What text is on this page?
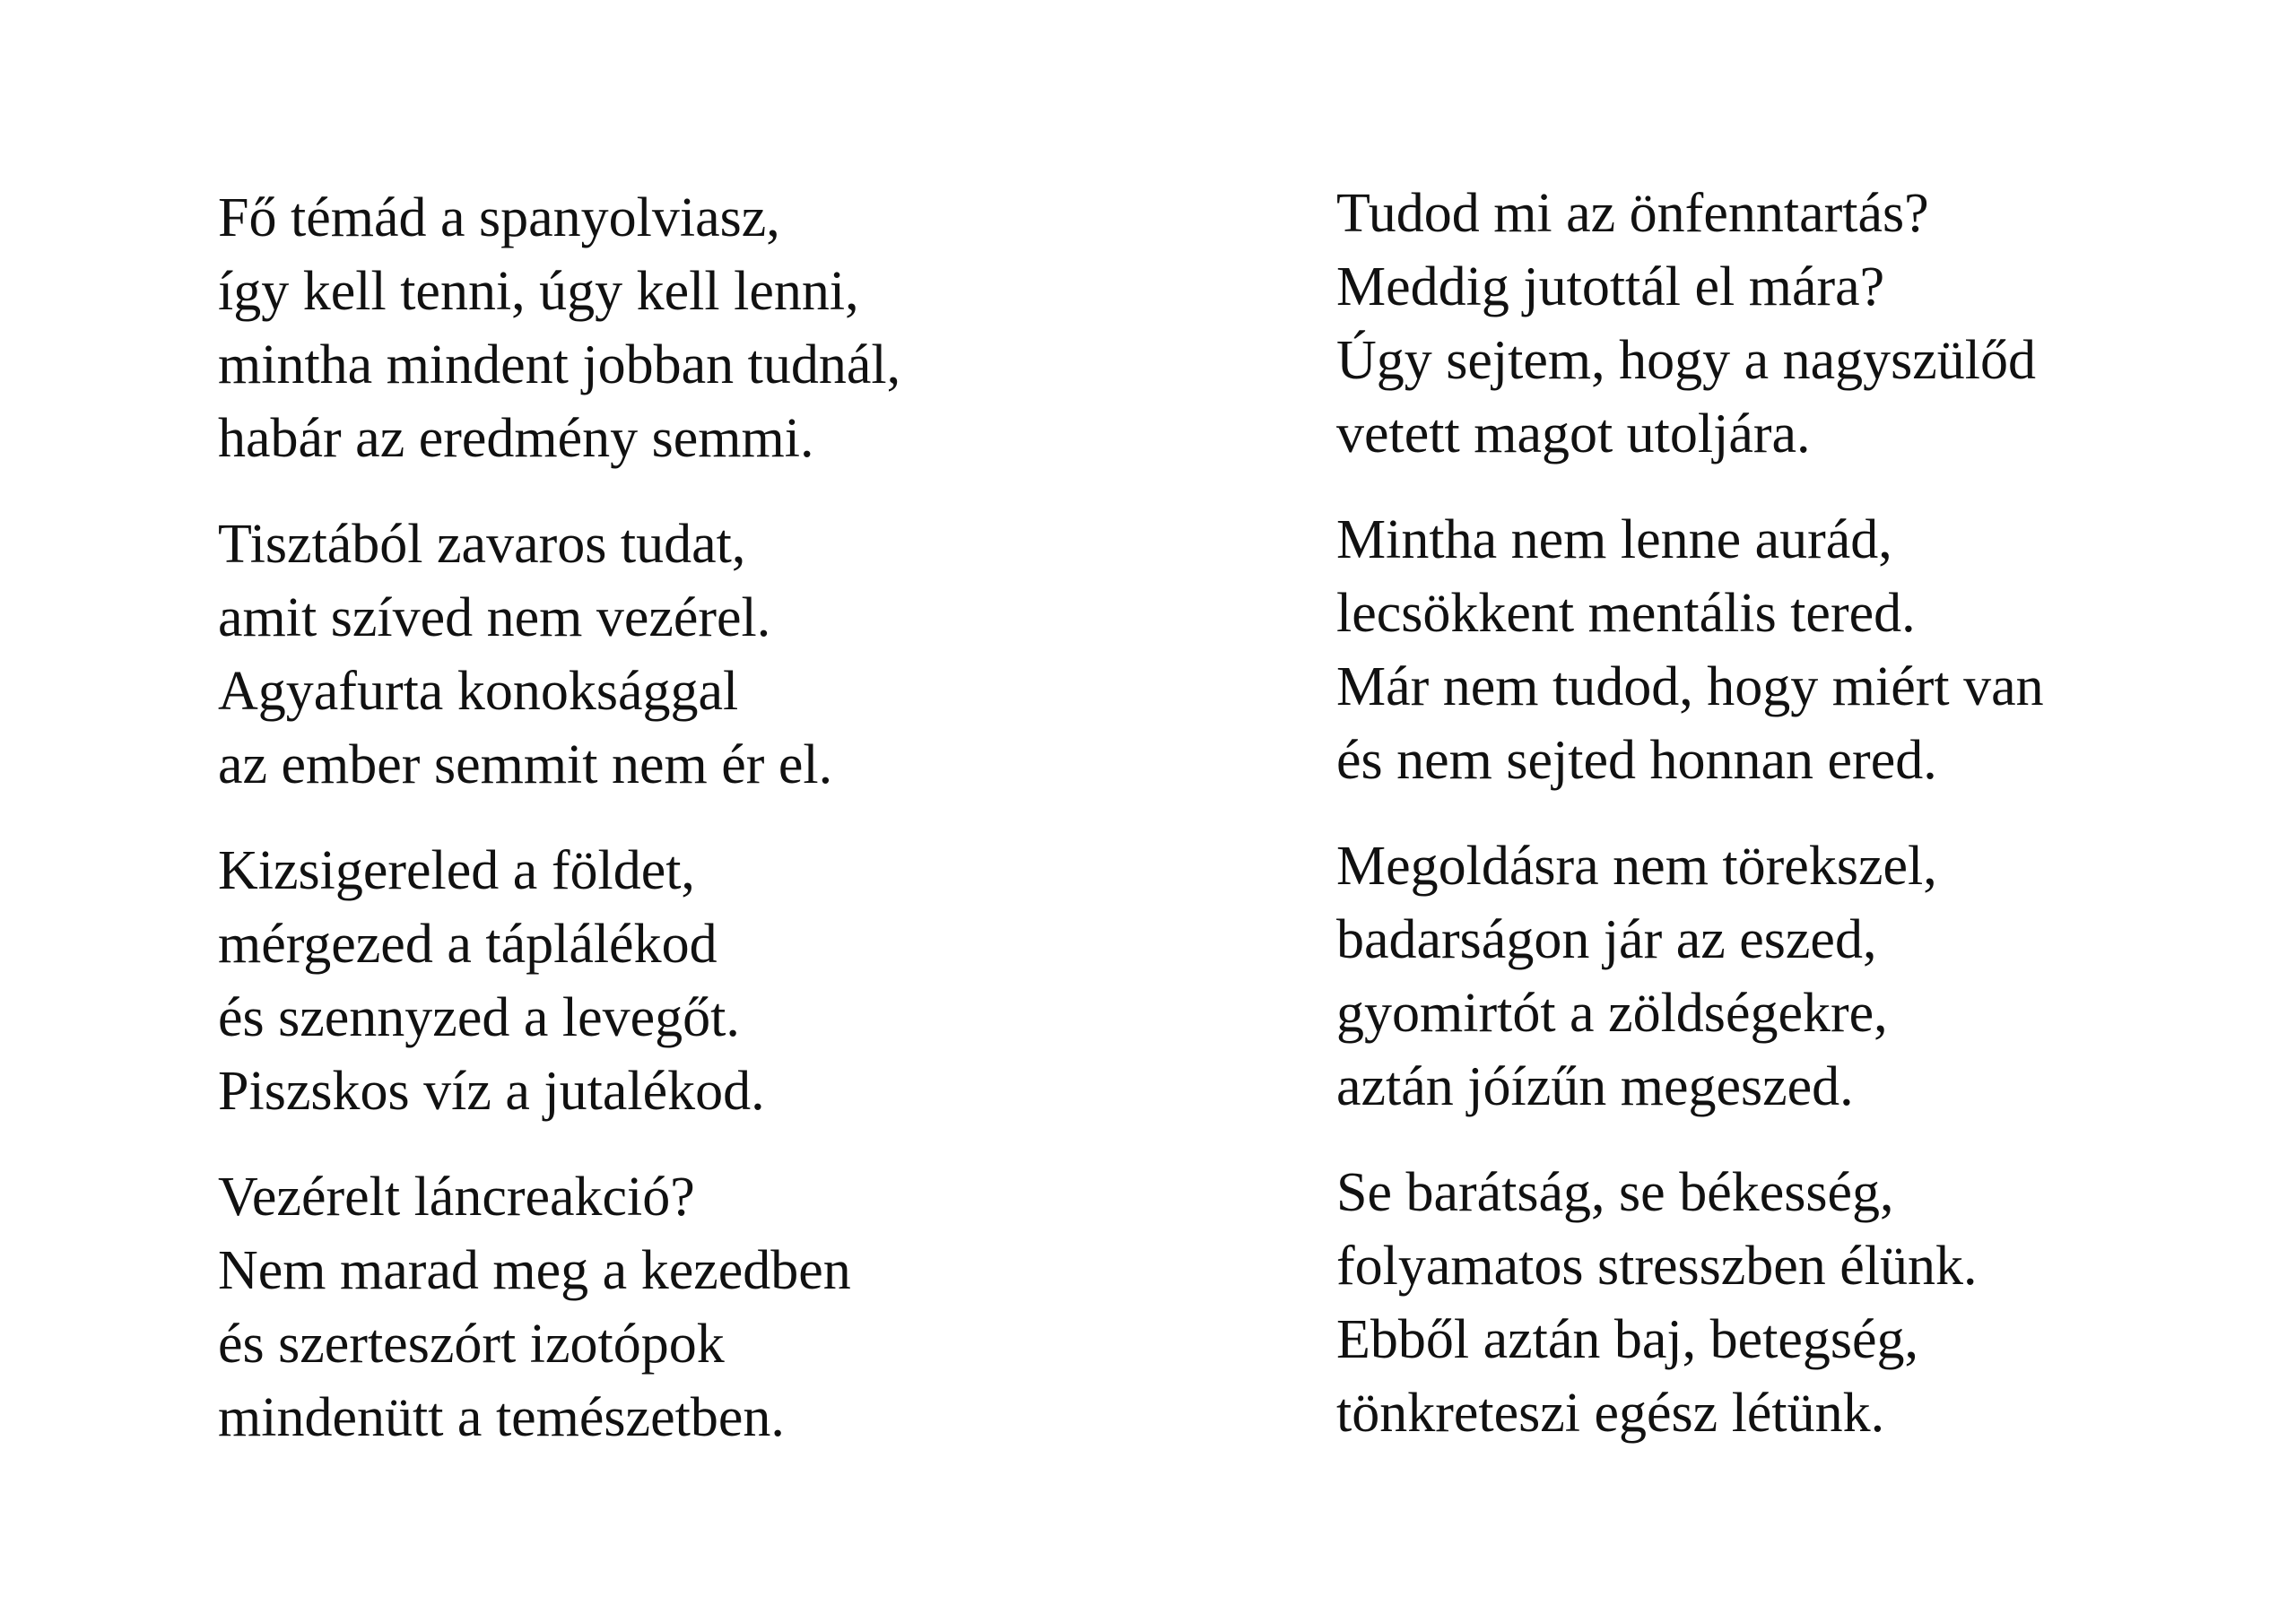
Fő témád a spanyolviasz,
így kell tenni, úgy kell lenni,
mintha mindent jobban tudnál,
habár az eredmény semmi.
Tisztából zavaros tudat,
amit szíved nem vezérel.
Agyafurta konoksággal
az ember semmit nem ér el.
Kizsigereled a földet,
mérgezed a táplálékod
és szennyzed a levegőt.
Piszskos víz a jutalékod.
Vezérelt láncreakció?
Nem marad meg a kezedben
és szerteszórt izotópok
mindenütt a temészetben.
Tudod mi az önfenntartás?
Meddig jutottál el mára?
Úgy sejtem, hogy a nagyszülőd
vetett magot utoljára.
Mintha nem lenne aurád,
lecsökkent mentális tered.
Már nem tudod, hogy miért van
és nem sejted honnan ered.
Megoldásra nem törekszel,
badarságon jár az eszed,
gyomirtót a zöldségekre,
aztán jóízűn megeszed.
Se barátság, se békesség,
folyamatos stresszben élünk.
Ebből aztán baj, betegség,
tönkreteszi egész létünk.
